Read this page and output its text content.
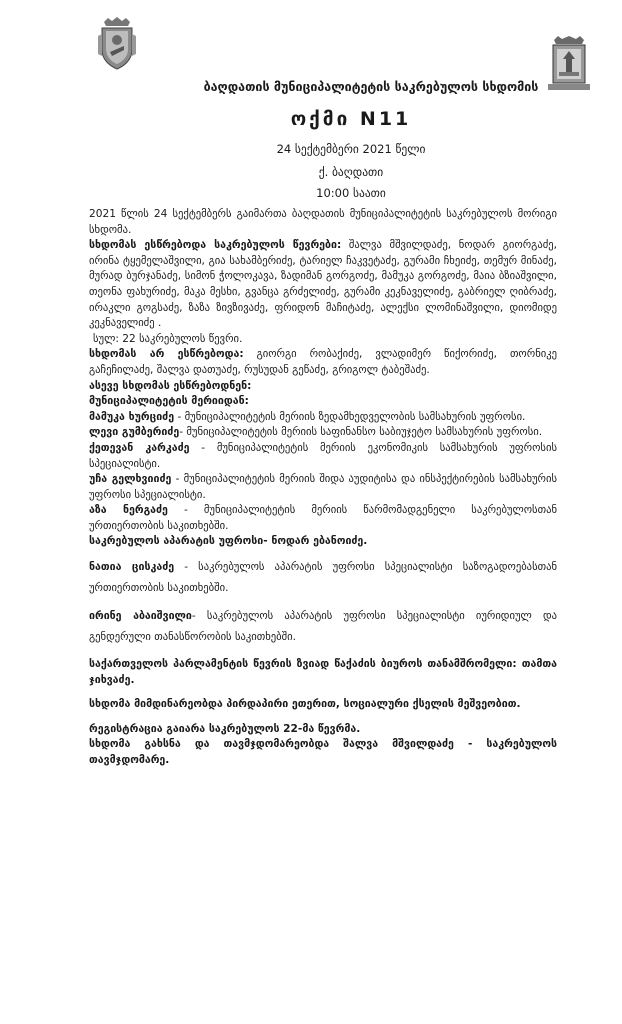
ბაღდათის მუნიციპალიტეტის საკრებულოს სხდომის
ოქმი N11
24 სექტემბერი 2021 წელი
ქ. ბაღდათი
10:00 საათი

2021 წლის 24 სექტემბერს გაიმართა ბაღდათის მუნიციპალიტეტის საკრებულოს მორიგი სხდომა.

სხდომას ესწრებოდა საკრებულოს წევრები: შალვა მშვილდაძე, ნოდარ გიორგაძე, ირინა ტყემელაშვილი, გია სახამბერიძე, ტარიელ ჩაკვეტაძე, გურამი ჩხეიძე, თემურ მინაძე, მურად ბურჯანაძე, სიმონ ჭოლოკავა, ზადიმან გორგოძე, მამუკა გორგოძე, მაია ბზიაშვილი, თეონა ფახურიძე, მაკა მესხი, გვანცა გრძელიძე, გურამი კეკნაველიძე, გაბრიელ ღიბრაძე, ირაკლი გოგსაძე, ზაზა ზივზივაძე, ფრიდონ მაჩიტაძე, ალექსი ლომინაშვილი, დიომიდე კეკნაველიძე .

სულ: 22 საკრებულოს წევრი.

სხდომას არ ესწრებოდა: გიორგი რობაქიძე, ვლადიმერ წიქორიძე, თორნიკე გაჩეჩილაძე, შალვა დათუაძე, რუსუდან გეწაძე, გრიგოლ ტაბეშაძე.

ასევე სხდომას ესწრებოდნენ:

მუნიციპალიტეტის მერიიდან:

მამუკა ხურციძე - მუნიციპალიტეტის მერიის ზედამხედველობის სამსახურის უფროსი.

ლევი გუმბერიძე- მუნიციპალიტეტის მერიის საფინანსო საბიუჯეტო სამსახურის უფროსი.

ქეთევან კარკაძე - მუნიციპალიტეტის მერიის ეკონომიკის სამსახურის უფროსის სპეციალისტი.

უჩა გელხვიიძე - მუნიციპალიტეტის მერიის შიდა აუდიტისა და ინსპექტირების სამსახურის უფროსი სპეციალისტი.

აზა ნერგაძე - მუნიციპალიტეტის მერიის წარმომადგენელი საკრებულოსთან ურთიერთობის საკითხებში.

საკრებულოს აპარატის უფროსი- ნოდარ ებანოიძე.

ნათია ცისკაძე - საკრებულოს აპარატის უფროსი სპეციალისტი საზოგადოებასთან ურთიერთობის საკითხებში.

ირინე აბაიშვილი- საკრებულოს აპარატის უფროსი სპეციალისტი იურიდიულ და გენდერული თანასწორობის საკითხებში.

საქართველოს პარლამენტის წევრის ზვიად წაქაძის ბიუროს თანამშრომელი: თამთა ჯიხვაძე.

სხდომა მიმდინარეობდა პირდაპირი ეთერით, სოციალური ქსელის მეშვეობით.

რეგისტრაცია გაიარა საკრებულოს 22-მა წევრმა.

სხდომა გახსნა და თავმჯდომარეობდა შალვა მშვილდაძე - საკრებულოს თავმჯდომარე.
